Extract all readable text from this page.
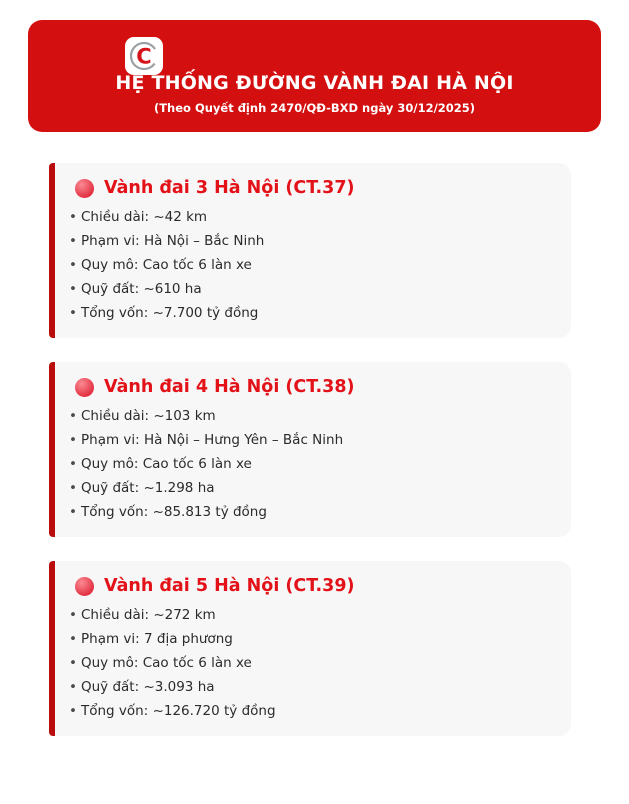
C
HỆ THỐNG ĐƯỜNG VÀNH ĐAI HÀ NỘI

(Theo Quyết định 2470/QĐ-BXD ngày 30/12/2025)

Vành đai 3 Hà Nội (CT.37)
• Chiều dài: ~42 km
• Phạm vi: Hà Nội – Bắc Ninh
• Quy mô: Cao tốc 6 làn xe
• Quỹ đất: ~610 ha
• Tổng vốn: ~7.700 tỷ đồng
Vành đai 4 Hà Nội (CT.38)
• Chiều dài: ~103 km
• Phạm vi: Hà Nội – Hưng Yên – Bắc Ninh
• Quy mô: Cao tốc 6 làn xe
• Quỹ đất: ~1.298 ha
• Tổng vốn: ~85.813 tỷ đồng
Vành đai 5 Hà Nội (CT.39)
• Chiều dài: ~272 km
• Phạm vi: 7 địa phương
• Quy mô: Cao tốc 6 làn xe
• Quỹ đất: ~3.093 ha
• Tổng vốn: ~126.720 tỷ đồng
